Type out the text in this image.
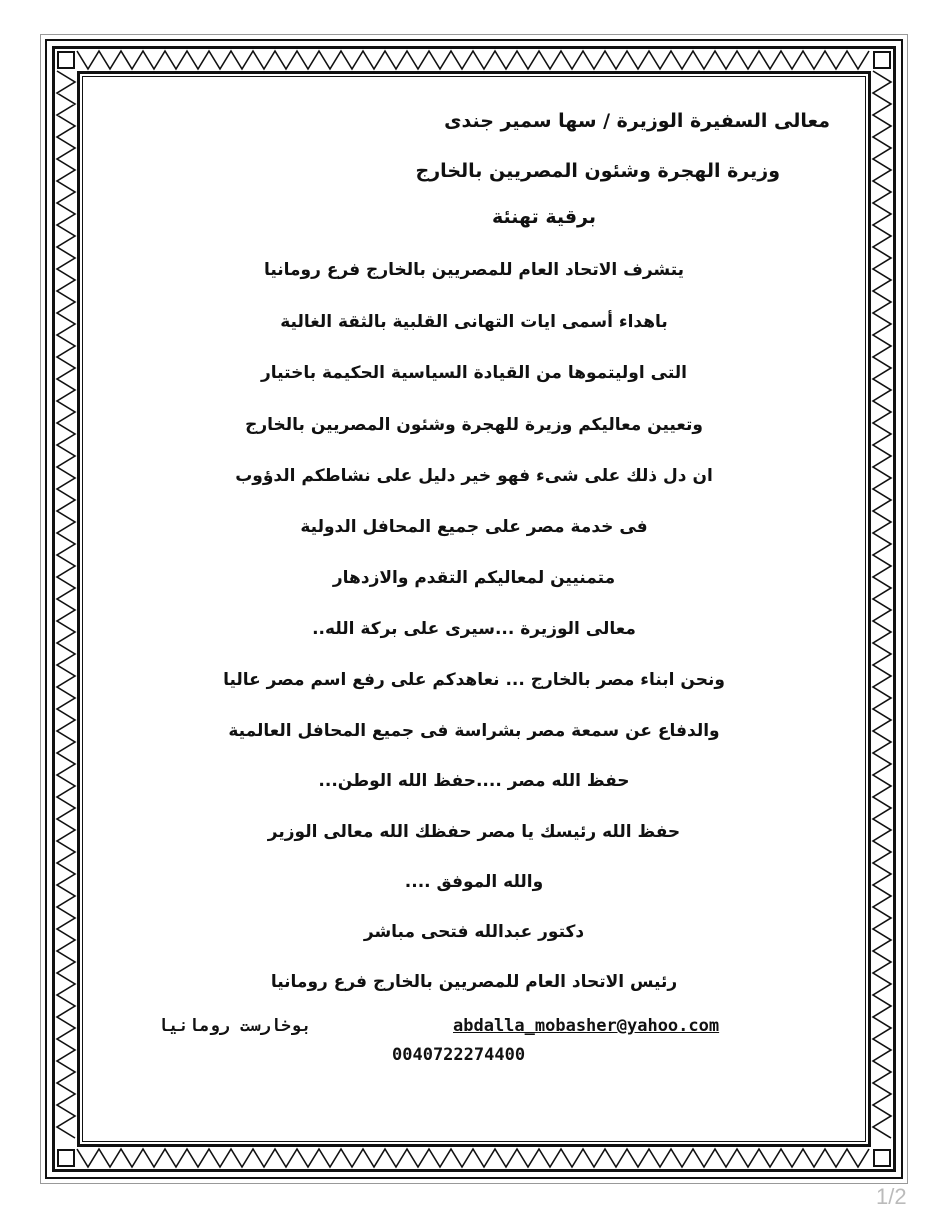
معالى السفيرة الوزيرة / سها سمير جندى
وزيرة الهجرة وشئون المصريين بالخارج
برقية تهنئة
يتشرف الاتحاد العام للمصريين بالخارج فرع رومانيا
باهداء أسمى ايات التهانى القلبية بالثقة الغالية
التى اوليتموها من القيادة السياسية الحكيمة باختيار
وتعيين معاليكم وزيرة للهجرة وشئون المصريين بالخارج
ان دل ذلك على شىء فهو خير دليل على نشاطكم الدؤوب
فى خدمة مصر على جميع المحافل الدولية
متمنيين لمعاليكم التقدم والازدهار
معالى الوزيرة ...سيرى على بركة الله..
ونحن ابناء مصر بالخارج ... نعاهدكم على رفع اسم مصر عاليا
والدفاع عن سمعة مصر بشراسة فى جميع المحافل العالمية
حفظ الله مصر ....حفظ الله الوطن...
حفظ الله رئيسك يا مصر حفظك الله معالى الوزير
والله الموفق ....
دكتور عبدالله فتحى مباشر
رئيس الاتحاد العام للمصريين بالخارج فرع رومانيا
بوخارست رومانيا	abdalla_mobasher@yahoo.com
0040722274400
1/2
